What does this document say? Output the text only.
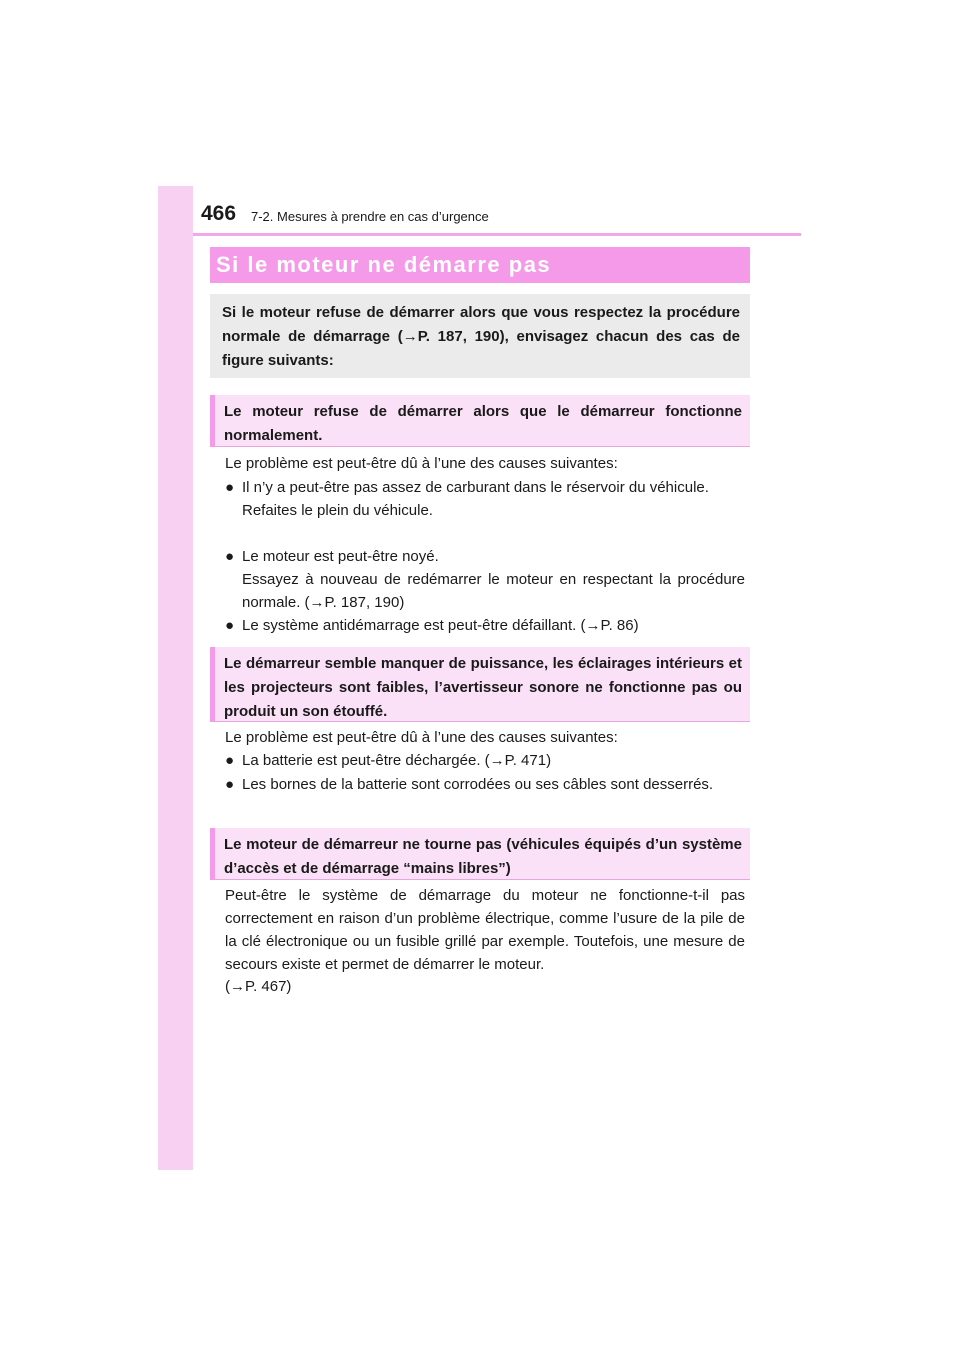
466 7-2. Mesures à prendre en cas d’urgence
Si le moteur ne démarre pas
Si le moteur refuse de démarrer alors que vous respectez la procédure normale de démarrage (→P. 187, 190), envisagez chacun des cas de figure suivants:
Le moteur refuse de démarrer alors que le démarreur fonctionne normalement.
Le problème est peut-être dû à l’une des causes suivantes:
● Il n’y a peut-être pas assez de carburant dans le réservoir du véhicule.
Refaites le plein du véhicule.
● Le moteur est peut-être noyé.
Essayez à nouveau de redémarrer le moteur en respectant la procédure normale. (→P. 187, 190)
● Le système antidémarrage est peut-être défaillant. (→P. 86)
Le démarreur semble manquer de puissance, les éclairages intérieurs et les projecteurs sont faibles, l’avertisseur sonore ne fonctionne pas ou produit un son étouffé.
Le problème est peut-être dû à l’une des causes suivantes:
● La batterie est peut-être déchargée. (→P. 471)
● Les bornes de la batterie sont corrodées ou ses câbles sont desserrés.
Le moteur de démarreur ne tourne pas (véhicules équipés d’un système d’accès et de démarrage “mains libres”)
Peut-être le système de démarrage du moteur ne fonctionne-t-il pas correctement en raison d’un problème électrique, comme l’usure de la pile de la clé électronique ou un fusible grillé par exemple. Toutefois, une mesure de secours existe et permet de démarrer le moteur.
(→P. 467)
